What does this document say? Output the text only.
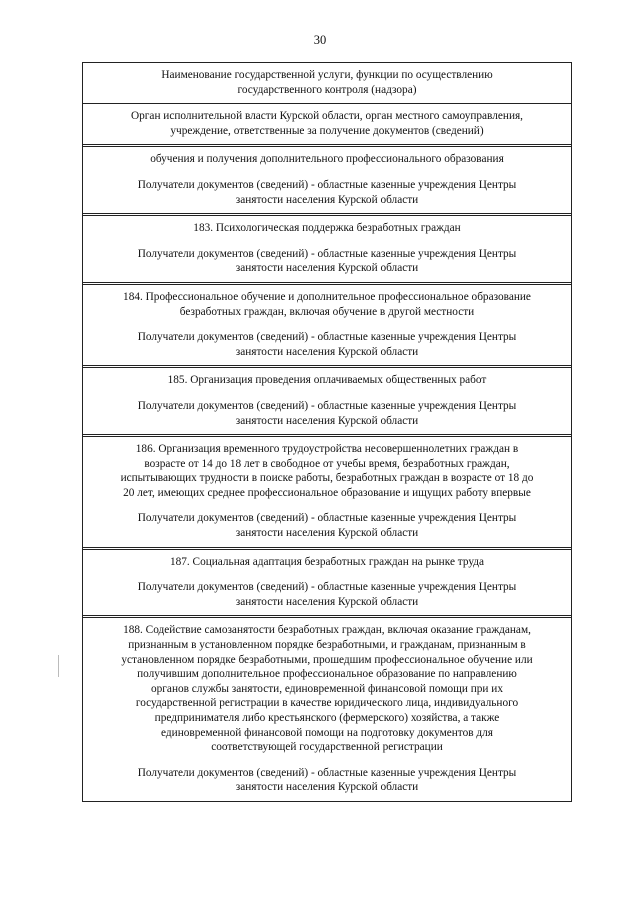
30

Наименование государственной услуги, функции по осуществлению
государственного контроля (надзора)

Орган исполнительной власти Курской области, орган местного самоуправления,
учреждение, ответственные за получение документов (сведений)

обучения и получения дополнительного профессионального образования

Получатели документов (сведений) - областные казенные учреждения Центры
занятости населения Курской области

183. Психологическая поддержка безработных граждан

Получатели документов (сведений) - областные казенные учреждения Центры
занятости населения Курской области

184. Профессиональное обучение и дополнительное профессиональное образование
безработных граждан, включая обучение в другой местности

Получатели документов (сведений) - областные казенные учреждения Центры
занятости населения Курской области

185. Организация проведения оплачиваемых общественных работ

Получатели документов (сведений) - областные казенные учреждения Центры
занятости населения Курской области

186. Организация временного трудоустройства несовершеннолетних граждан в
возрасте от 14 до 18 лет в свободное от учебы время, безработных граждан,
испытывающих трудности в поиске работы, безработных граждан в возрасте от 18 до
20 лет, имеющих среднее профессиональное образование и ищущих работу впервые

Получатели документов (сведений) - областные казенные учреждения Центры
занятости населения Курской области

187. Социальная адаптация безработных граждан на рынке труда

Получатели документов (сведений) - областные казенные учреждения Центры
занятости населения Курской области

188. Содействие самозанятости безработных граждан, включая оказание гражданам,
признанным в установленном порядке безработными, и гражданам, признанным в
установленном порядке безработными, прошедшим профессиональное обучение или
получившим дополнительное профессиональное образование по направлению
органов службы занятости, единовременной финансовой помощи при их
государственной регистрации в качестве юридического лица, индивидуального
предпринимателя либо крестьянского (фермерского) хозяйства, а также
единовременной финансовой помощи на подготовку документов для
соответствующей государственной регистрации

Получатели документов (сведений) - областные казенные учреждения Центры
занятости населения Курской области
